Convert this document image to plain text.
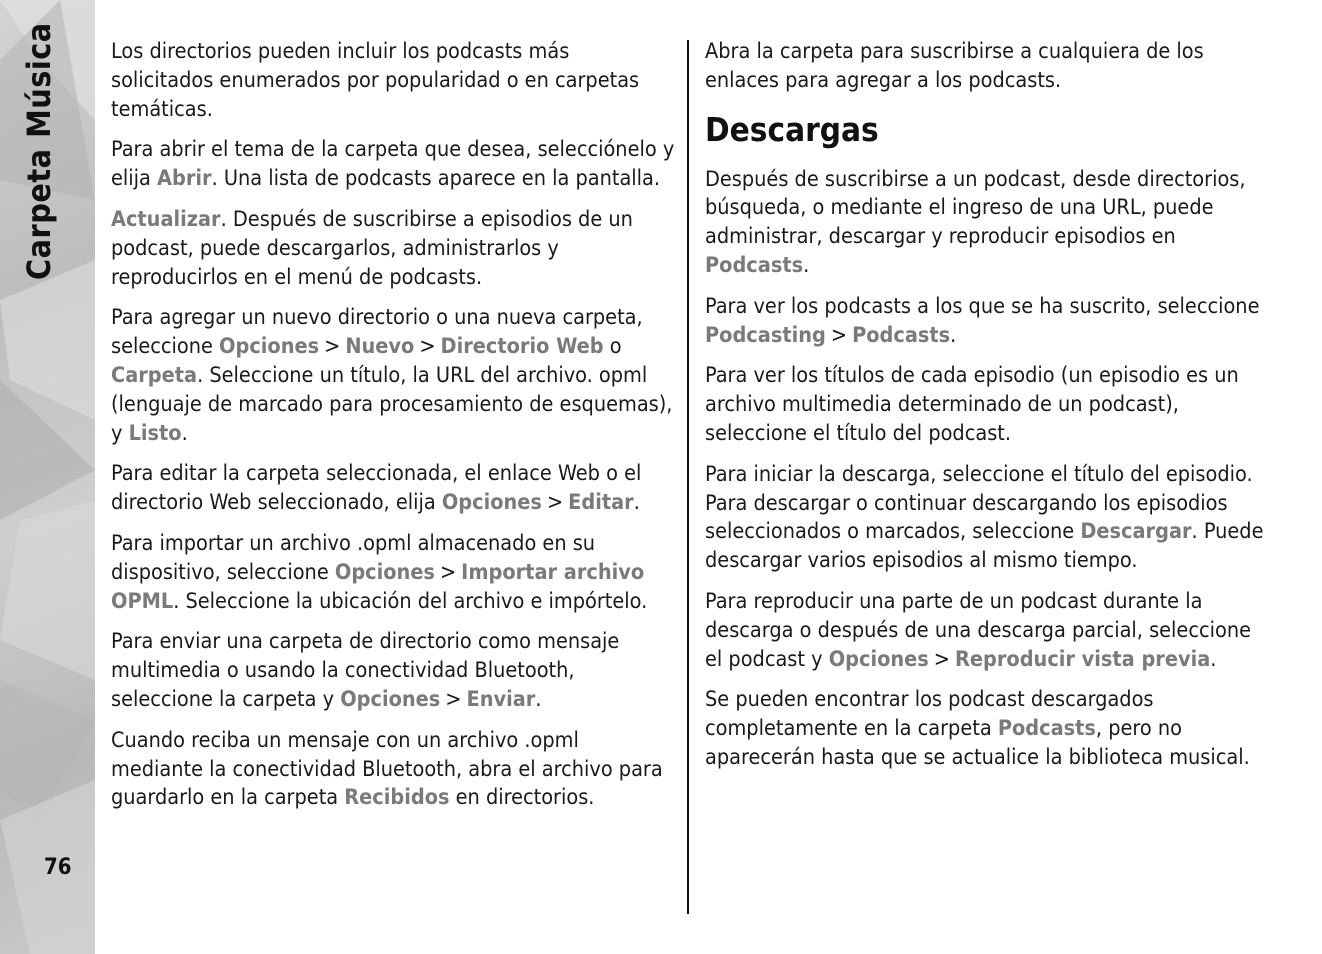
Carpeta Música
76

Los directorios pueden incluir los podcasts más solicitados enumerados por popularidad o en carpetas temáticas.

Para abrir el tema de la carpeta que desea, selecciónelo y elija Abrir. Una lista de podcasts aparece en la pantalla.

Actualizar. Después de suscribirse a episodios de un podcast, puede descargarlos, administrarlos y reproducirlos en el menú de podcasts.

Para agregar un nuevo directorio o una nueva carpeta, seleccione Opciones > Nuevo > Directorio Web o Carpeta. Seleccione un título, la URL del archivo. opml (lenguaje de marcado para procesamiento de esquemas), y Listo.

Para editar la carpeta seleccionada, el enlace Web o el directorio Web seleccionado, elija Opciones > Editar.

Para importar un archivo .opml almacenado en su dispositivo, seleccione Opciones > Importar archivo OPML. Seleccione la ubicación del archivo e impórtelo.

Para enviar una carpeta de directorio como mensaje multimedia o usando la conectividad Bluetooth, seleccione la carpeta y Opciones > Enviar.

Cuando reciba un mensaje con un archivo .opml mediante la conectividad Bluetooth, abra el archivo para guardarlo en la carpeta Recibidos en directorios.

Abra la carpeta para suscribirse a cualquiera de los enlaces para agregar a los podcasts.

Descargas

Después de suscribirse a un podcast, desde directorios, búsqueda, o mediante el ingreso de una URL, puede administrar, descargar y reproducir episodios en Podcasts.

Para ver los podcasts a los que se ha suscrito, seleccione Podcasting > Podcasts.

Para ver los títulos de cada episodio (un episodio es un archivo multimedia determinado de un podcast), seleccione el título del podcast.

Para iniciar la descarga, seleccione el título del episodio. Para descargar o continuar descargando los episodios seleccionados o marcados, seleccione Descargar. Puede descargar varios episodios al mismo tiempo.

Para reproducir una parte de un podcast durante la descarga o después de una descarga parcial, seleccione el podcast y Opciones > Reproducir vista previa.

Se pueden encontrar los podcast descargados completamente en la carpeta Podcasts, pero no aparecerán hasta que se actualice la biblioteca musical.
